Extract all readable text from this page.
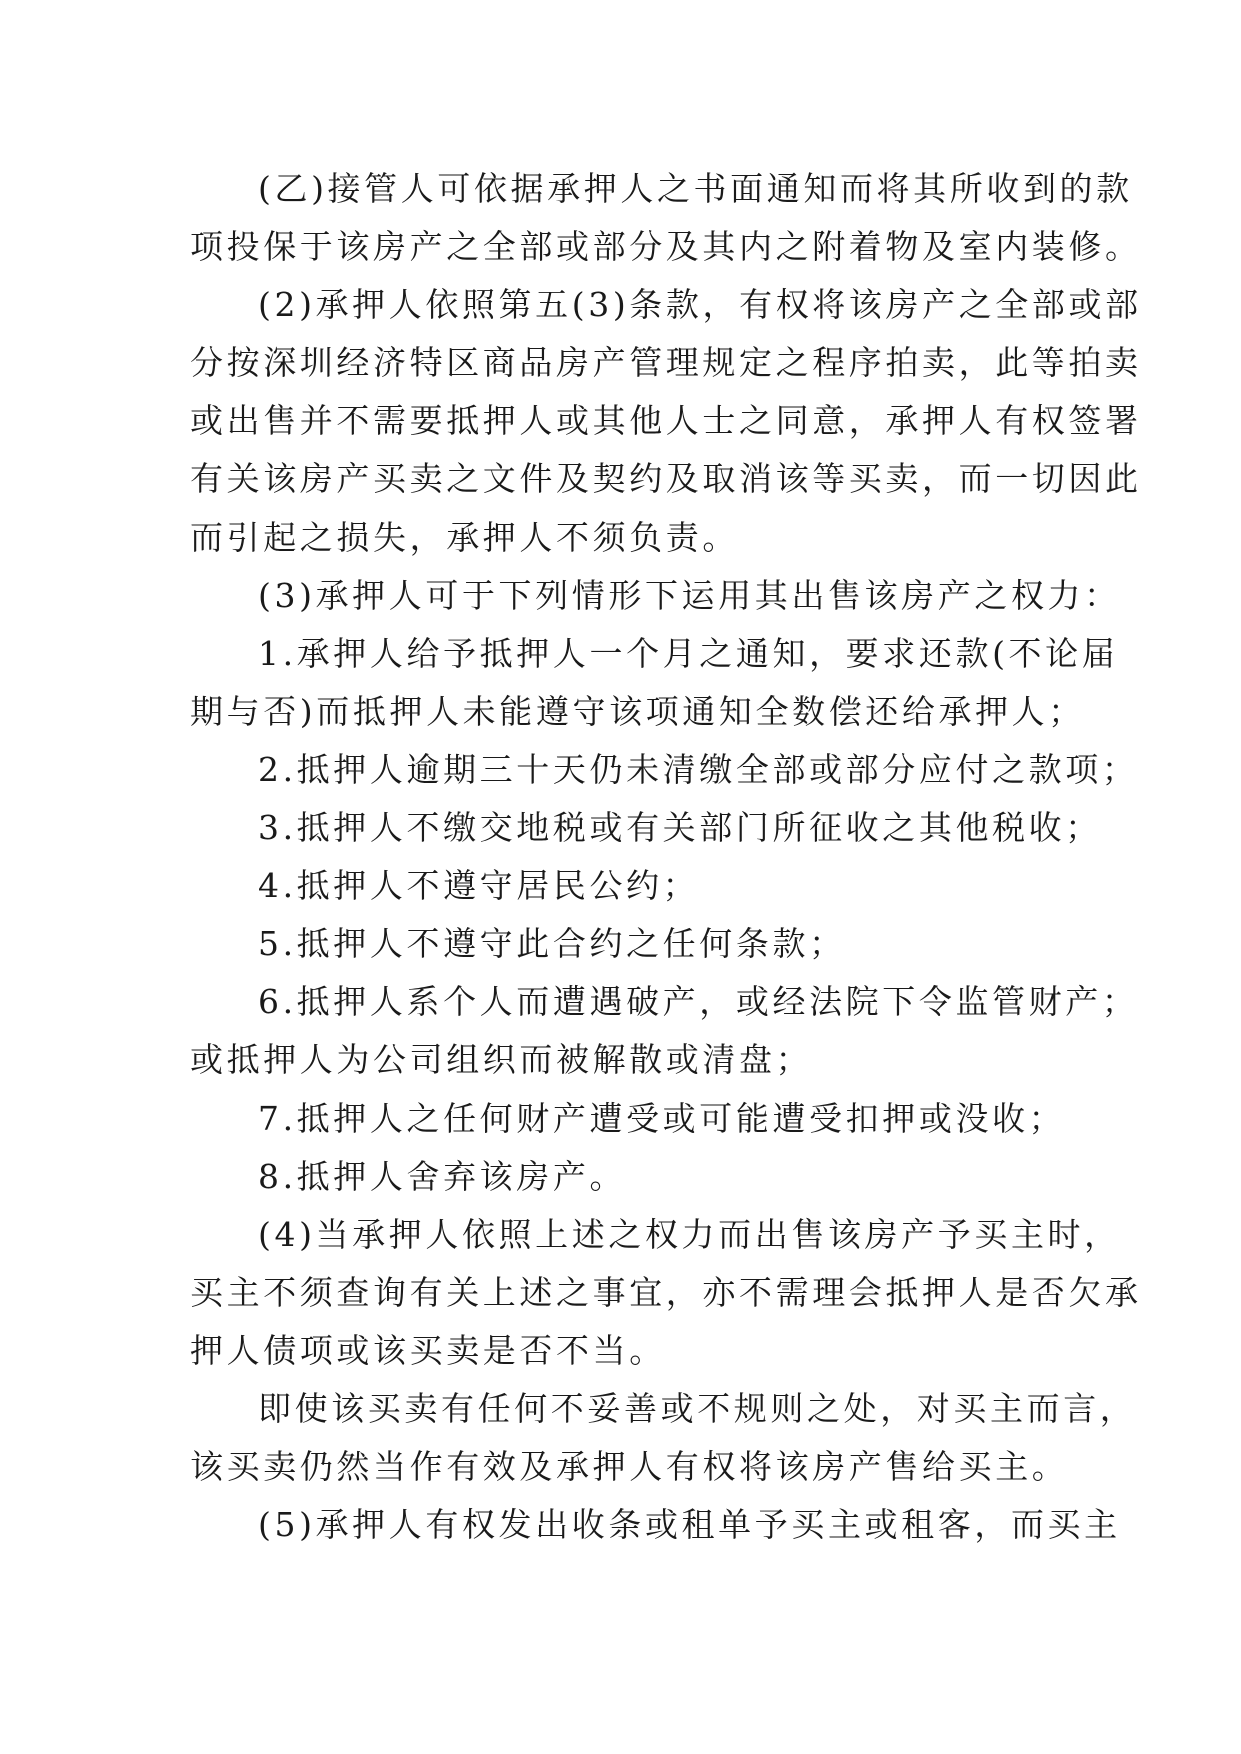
(乙)接管人可依据承押人之书面通知而将其所收到的款
项投保于该房产之全部或部分及其内之附着物及室内装修。
(2)承押人依照第五(3)条款，有权将该房产之全部或部
分按深圳经济特区商品房产管理规定之程序拍卖，此等拍卖
或出售并不需要抵押人或其他人士之同意，承押人有权签署
有关该房产买卖之文件及契约及取消该等买卖，而一切因此
而引起之损失，承押人不须负责。
(3)承押人可于下列情形下运用其出售该房产之权力：
1.承押人给予抵押人一个月之通知，要求还款(不论届
期与否)而抵押人未能遵守该项通知全数偿还给承押人；
2.抵押人逾期三十天仍未清缴全部或部分应付之款项；
3.抵押人不缴交地税或有关部门所征收之其他税收；
4.抵押人不遵守居民公约；
5.抵押人不遵守此合约之任何条款；
6.抵押人系个人而遭遇破产，或经法院下令监管财产；
或抵押人为公司组织而被解散或清盘；
7.抵押人之任何财产遭受或可能遭受扣押或没收；
8.抵押人舍弃该房产。
(4)当承押人依照上述之权力而出售该房产予买主时，
买主不须查询有关上述之事宜，亦不需理会抵押人是否欠承
押人债项或该买卖是否不当。
即使该买卖有任何不妥善或不规则之处，对买主而言，
该买卖仍然当作有效及承押人有权将该房产售给买主。
(5)承押人有权发出收条或租单予买主或租客，而买主
